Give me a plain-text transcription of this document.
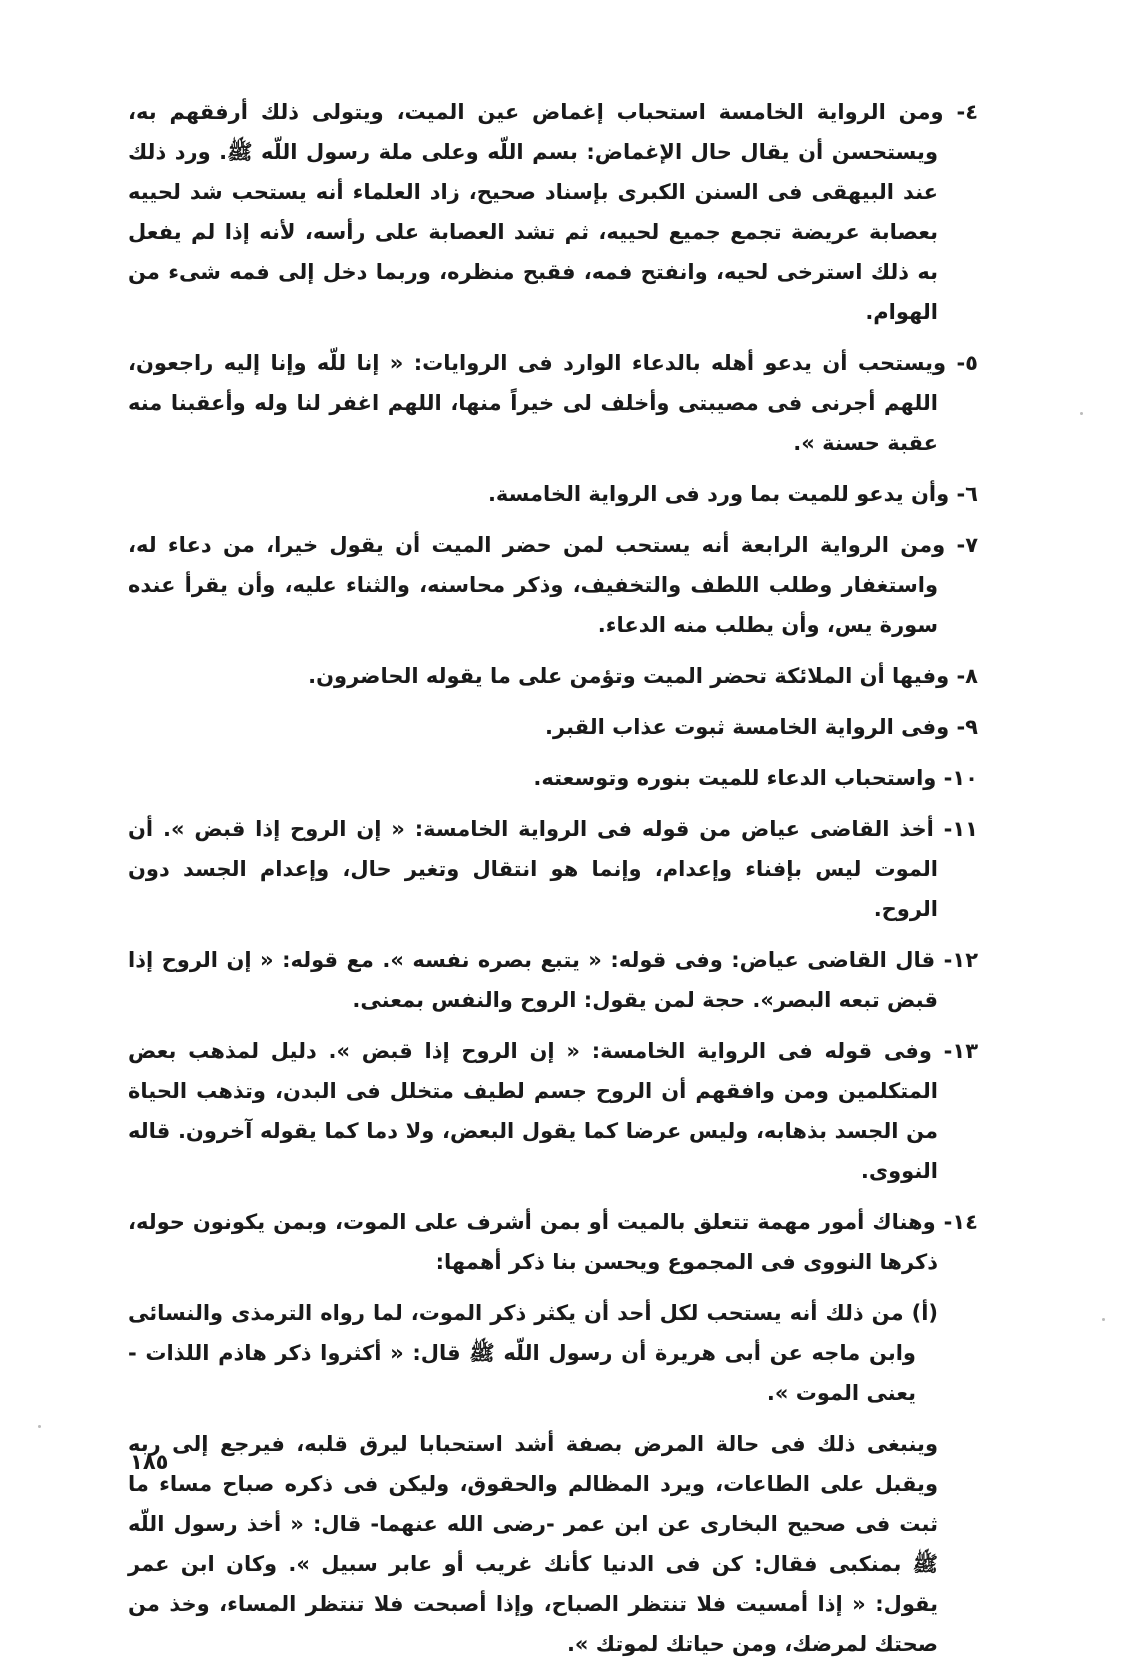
٤- ومن الرواية الخامسة استحباب إغماض عين الميت، ويتولى ذلك أرفقهم به، ويستحسن أن يقال حال الإغماض: بسم اللّه وعلى ملة رسول اللّه ﷺ. ورد ذلك عند البيهقى فى السنن الكبرى بإسناد صحيح، زاد العلماء أنه يستحب شد لحييه بعصابة عريضة تجمع جميع لحييه، ثم تشد العصابة على رأسه، لأنه إذا لم يفعل به ذلك استرخى لحيه، وانفتح فمه، فقبح منظره، وربما دخل إلى فمه شىء من الهوام.

٥- ويستحب أن يدعو أهله بالدعاء الوارد فى الروايات: « إنا للّه وإنا إليه راجعون، اللهم أجرنى فى مصيبتى وأخلف لى خيراً منها، اللهم اغفر لنا وله وأعقبنا منه عقبة حسنة ».

٦- وأن يدعو للميت بما ورد فى الرواية الخامسة.

٧- ومن الرواية الرابعة أنه يستحب لمن حضر الميت أن يقول خيرا، من دعاء له، واستغفار وطلب اللطف والتخفيف، وذكر محاسنه، والثناء عليه، وأن يقرأ عنده سورة يس، وأن يطلب منه الدعاء.

٨- وفيها أن الملائكة تحضر الميت وتؤمن على ما يقوله الحاضرون.

٩- وفى الرواية الخامسة ثبوت عذاب القبر.

١٠- واستحباب الدعاء للميت بنوره وتوسعته.

١١- أخذ القاضى عياض من قوله فى الرواية الخامسة: « إن الروح إذا قبض ». أن الموت ليس بإفناء وإعدام، وإنما هو انتقال وتغير حال، وإعدام الجسد دون الروح.

١٢- قال القاضى عياض: وفى قوله: « يتبع بصره نفسه ». مع قوله: « إن الروح إذا قبض تبعه البصر». حجة لمن يقول: الروح والنفس بمعنى.

١٣- وفى قوله فى الرواية الخامسة: « إن الروح إذا قبض ». دليل لمذهب بعض المتكلمين ومن وافقهم أن الروح جسم لطيف متخلل فى البدن، وتذهب الحياة من الجسد بذهابه، وليس عرضا كما يقول البعض، ولا دما كما يقوله آخرون. قاله النووى.

١٤- وهناك أمور مهمة تتعلق بالميت أو بمن أشرف على الموت، وبمن يكونون حوله، ذكرها النووى فى المجموع ويحسن بنا ذكر أهمها:

(أ) من ذلك أنه يستحب لكل أحد أن يكثر ذكر الموت، لما رواه الترمذى والنسائى وابن ماجه عن أبى هريرة أن رسول اللّه ﷺ قال: « أكثروا ذكر هاذم اللذات - يعنى الموت ».

وينبغى ذلك فى حالة المرض بصفة أشد استحبابا ليرق قلبه، فيرجع إلى ربه ويقبل على الطاعات، ويرد المظالم والحقوق، وليكن فى ذكره صباح مساء ما ثبت فى صحيح البخارى عن ابن عمر -رضى الله عنهما- قال: « أخذ رسول اللّه ﷺ بمنكبى فقال: كن فى الدنيا كأنك غريب أو عابر سبيل ». وكان ابن عمر يقول: « إذا أمسيت فلا تنتظر الصباح، وإذا أصبحت فلا تنتظر المساء، وخذ من صحتك لمرضك، ومن حياتك لموتك ».

١٨٥
